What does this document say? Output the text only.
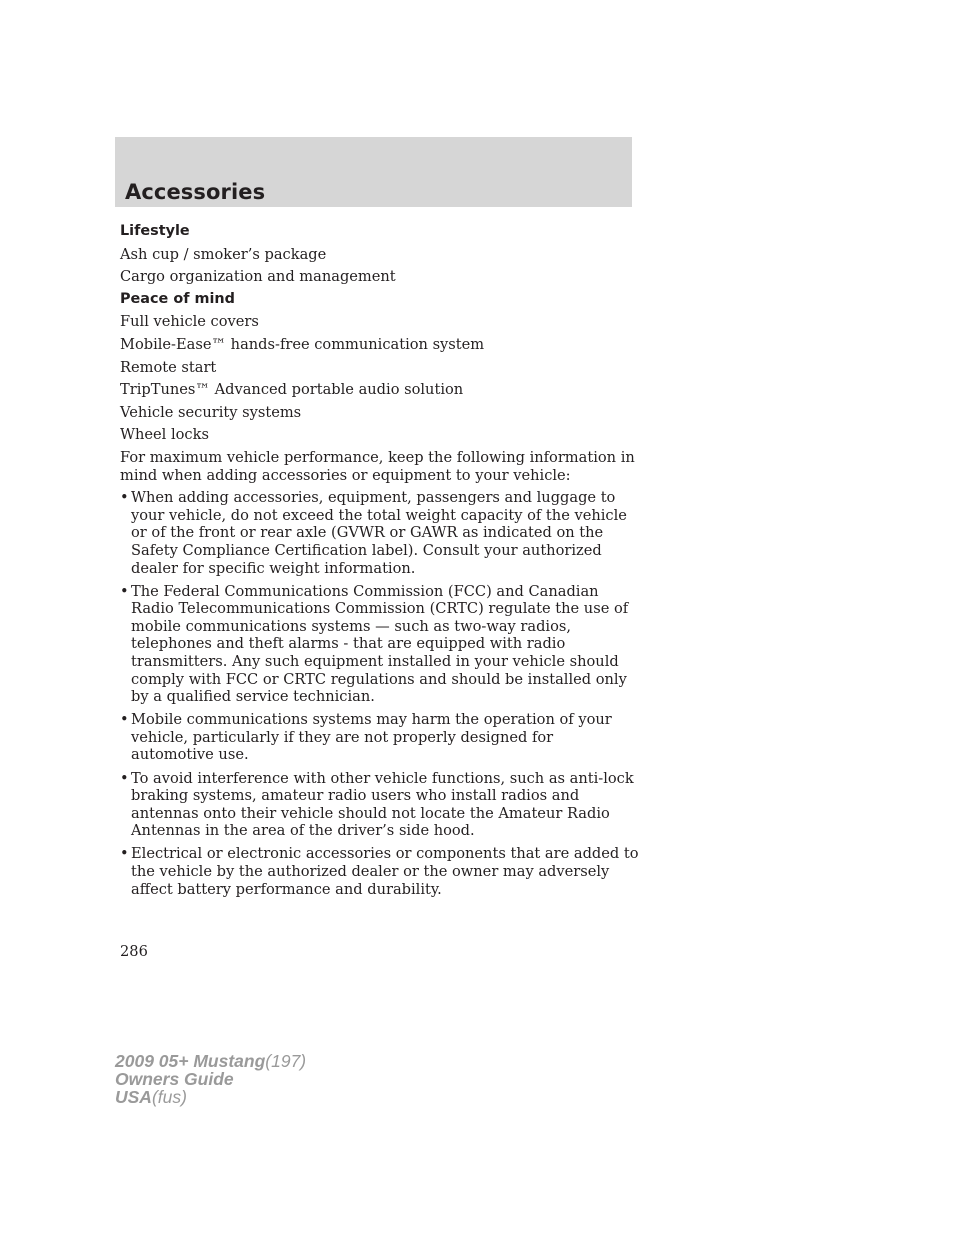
Accessories
Lifestyle
Ash cup / smoker’s package
Cargo organization and management
Peace of mind
Full vehicle covers
Mobile-Ease™ hands-free communication system
Remote start
TripTunes™ Advanced portable audio solution
Vehicle security systems
Wheel locks
For maximum vehicle performance, keep the following information in mind when adding accessories or equipment to your vehicle:
• When adding accessories, equipment, passengers and luggage to your vehicle, do not exceed the total weight capacity of the vehicle or of the front or rear axle (GVWR or GAWR as indicated on the Safety Compliance Certification label). Consult your authorized dealer for specific weight information.
• The Federal Communications Commission (FCC) and Canadian Radio Telecommunications Commission (CRTC) regulate the use of mobile communications systems — such as two-way radios, telephones and theft alarms - that are equipped with radio transmitters. Any such equipment installed in your vehicle should comply with FCC or CRTC regulations and should be installed only by a qualified service technician.
• Mobile communications systems may harm the operation of your vehicle, particularly if they are not properly designed for automotive use.
• To avoid interference with other vehicle functions, such as anti-lock braking systems, amateur radio users who install radios and antennas onto their vehicle should not locate the Amateur Radio Antennas in the area of the driver’s side hood.
• Electrical or electronic accessories or components that are added to the vehicle by the authorized dealer or the owner may adversely affect battery performance and durability.
286
2009 05+ Mustang(197)
Owners Guide
USA(fus)
